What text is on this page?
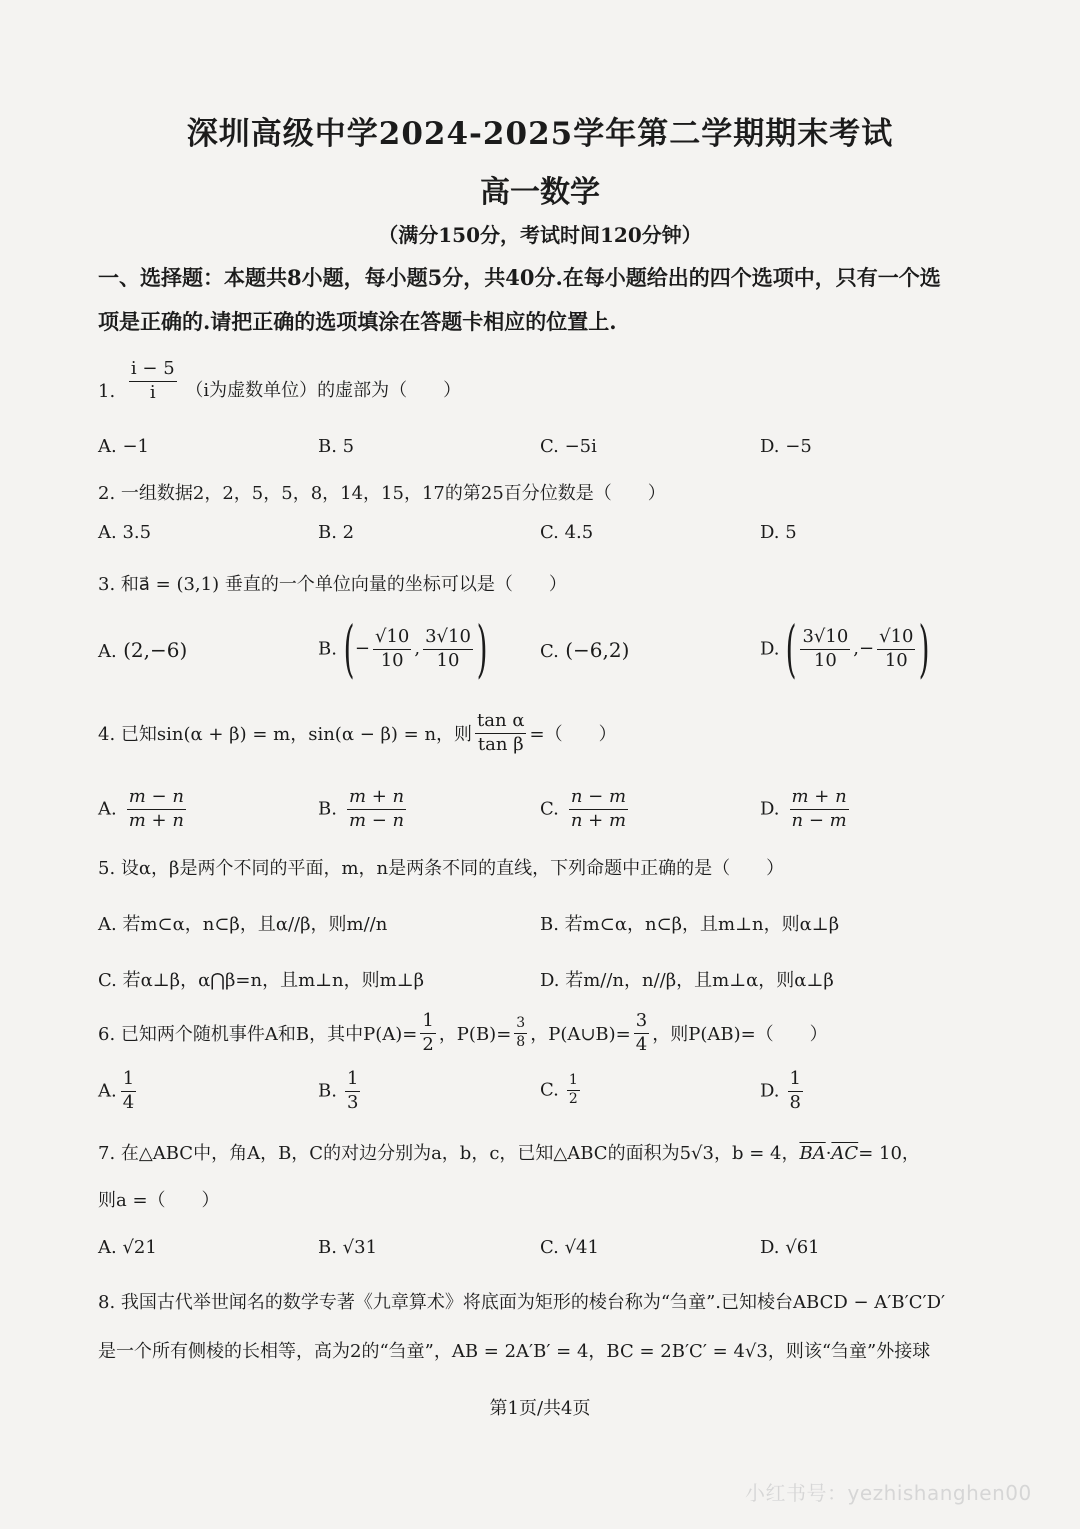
深圳高级中学2024-2025学年第二学期期末考试
高一数学
（满分150分，考试时间120分钟）
一、选择题：本题共8小题，每小题5分，共40分.在每小题给出的四个选项中，只有一个选
项是正确的.请把正确的选项填涂在答题卡相应的位置上.
1. $\frac{i - 5}{i} (i$为虚数单位）的虚部为（　　）
A. −1	B. 5	C. −5i	D. −5
2. 一组数据2，2，5，5，8，14，15，17的第25百分位数是（　　）
A. 3.5	B. 2	C. 4.5	D. 5
3. 和a⃗ = (3,1) 垂直的一个单位向量的坐标可以是（　　）
A. (2,−6)	B. (− $\frac{√10}{10}$ , $\frac{3√10}{10}$ )	C. (−6,2)	D. ( $\frac{3√10}{10}$ ,− $\frac{√10}{10}$ )
4. 已知sin(α + β) = m，sin(α − β) = n，则 $\frac{\text{tan α}}{\text{tan β}}$ =（　　）
A. $\frac{m - n}{m + n}$	B. $\frac{m + n}{m - n}$	C. $\frac{n - m}{n + m}$	D. $\frac{m + n}{n - m}$
5. 设α，β是两个不同的平面，m，n是两条不同的直线，下列命题中正确的是（　　）
A. 若m⊂α，n⊂β，且α//β，则m//n	B. 若m⊂α，n⊂β，且m⊥n，则α⊥β
C. 若α⊥β，α⋂β=n，且m⊥n，则m⊥β	D. 若m//n，n//β，且m⊥α，则α⊥β
6. 已知两个随机事件A和B，其中$P(A)= \frac{1}{2}$ ，$P(B)= \frac{3}{8}$ ，P(A∪B)= $\frac{3}{4}$ ，则P(AB)=（　　）
A. $\frac{1}{4}$	B. $\frac{1}{3}$	C. $\frac{1}{2}$	D. $\frac{1}{8}$
7. 在△ABC中，角A，B，C的对边分别为a，b，c，已知△ABC的面积为5√3，b = 4，$\overline{BA}\cdot\overline{AC}= 10$，
则a =（　　）
A. √21	B. √31	C. √41	D. √61
8. 我国古代举世闻名的数学专著《九章算术》将底面为矩形的棱台称为“刍童”.已知棱台ABCD − A′B′C′D′
是一个所有侧棱的长相等，高为2的“刍童”，AB = 2A′B′ = 4，BC = 2B′C′ = 4√3，则该“刍童”外接球
第1页/共4页
小红书号：yezhishanghen00
